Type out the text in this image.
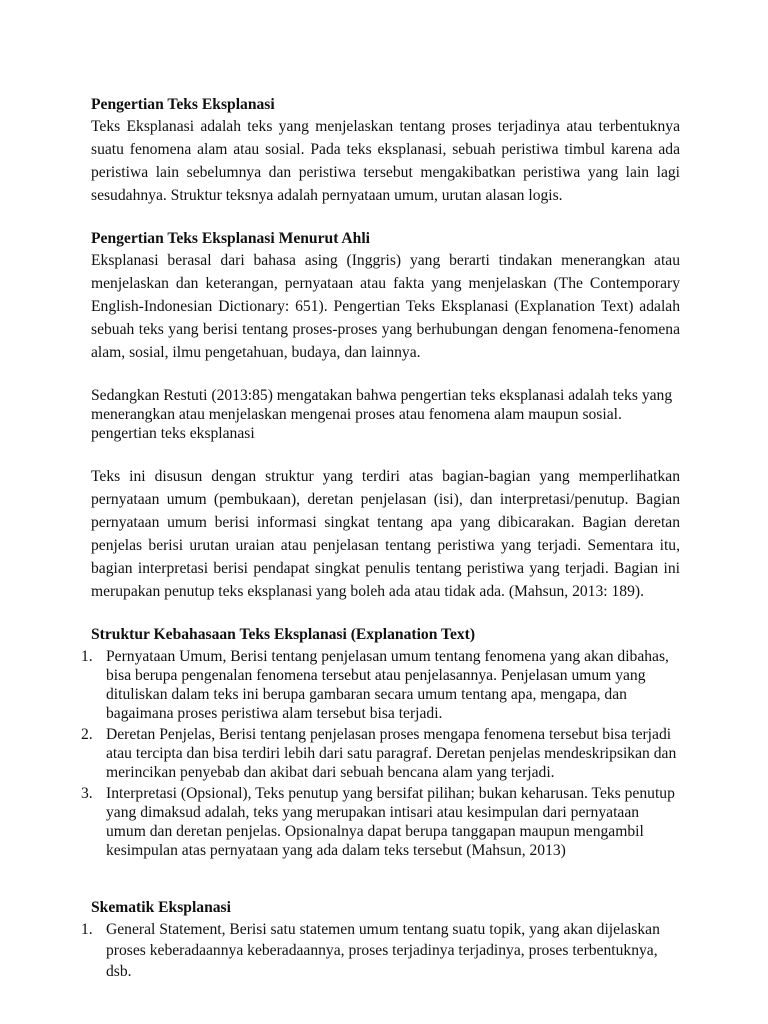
Pengertian Teks Eksplanasi

Teks Eksplanasi adalah teks yang menjelaskan tentang proses terjadinya atau terbentuknya suatu fenomena alam atau sosial. Pada teks eksplanasi, sebuah peristiwa timbul karena ada peristiwa lain sebelumnya dan peristiwa tersebut mengakibatkan peristiwa yang lain lagi sesudahnya. Struktur teksnya adalah pernyataan umum, urutan alasan logis.

Pengertian Teks Eksplanasi Menurut Ahli

Eksplanasi berasal dari bahasa asing (Inggris) yang berarti tindakan menerangkan atau menjelaskan dan keterangan, pernyataan atau fakta yang menjelaskan (The Contemporary English-Indonesian Dictionary: 651). Pengertian Teks Eksplanasi (Explanation Text) adalah sebuah teks yang berisi tentang proses-proses yang berhubungan dengan fenomena-fenomena alam, sosial, ilmu pengetahuan, budaya, dan lainnya.

Sedangkan Restuti (2013:85) mengatakan bahwa pengertian teks eksplanasi adalah teks yang menerangkan atau menjelaskan mengenai proses atau fenomena alam maupun sosial.

pengertian teks eksplanasi

Teks ini disusun dengan struktur yang terdiri atas bagian-bagian yang memperlihatkan pernyataan umum (pembukaan), deretan penjelasan (isi), dan interpretasi/penutup. Bagian pernyataan umum berisi informasi singkat tentang apa yang dibicarakan. Bagian deretan penjelas berisi urutan uraian atau penjelasan tentang peristiwa yang terjadi. Sementara itu, bagian interpretasi berisi pendapat singkat penulis tentang peristiwa yang terjadi. Bagian ini merupakan penutup teks eksplanasi yang boleh ada atau tidak ada. (Mahsun, 2013: 189).

Struktur Kebahasaan Teks Eksplanasi (Explanation Text)

1. Pernyataan Umum, Berisi tentang penjelasan umum tentang fenomena yang akan dibahas, bisa berupa pengenalan fenomena tersebut atau penjelasannya. Penjelasan umum yang dituliskan dalam teks ini berupa gambaran secara umum tentang apa, mengapa, dan bagaimana proses peristiwa alam tersebut bisa terjadi.
2. Deretan Penjelas, Berisi tentang penjelasan proses mengapa fenomena tersebut bisa terjadi atau tercipta dan bisa terdiri lebih dari satu paragraf. Deretan penjelas mendeskripsikan dan merincikan penyebab dan akibat dari sebuah bencana alam yang terjadi.
3. Interpretasi (Opsional), Teks penutup yang bersifat pilihan; bukan keharusan. Teks penutup yang dimaksud adalah, teks yang merupakan intisari atau kesimpulan dari pernyataan umum dan deretan penjelas. Opsionalnya dapat berupa tanggapan maupun mengambil kesimpulan atas pernyataan yang ada dalam teks tersebut (Mahsun, 2013)

Skematik Eksplanasi

1. General Statement, Berisi satu statemen umum tentang suatu topik, yang akan dijelaskan proses keberadaannya keberadaannya, proses terjadinya terjadinya, proses terbentuknya, dsb.
